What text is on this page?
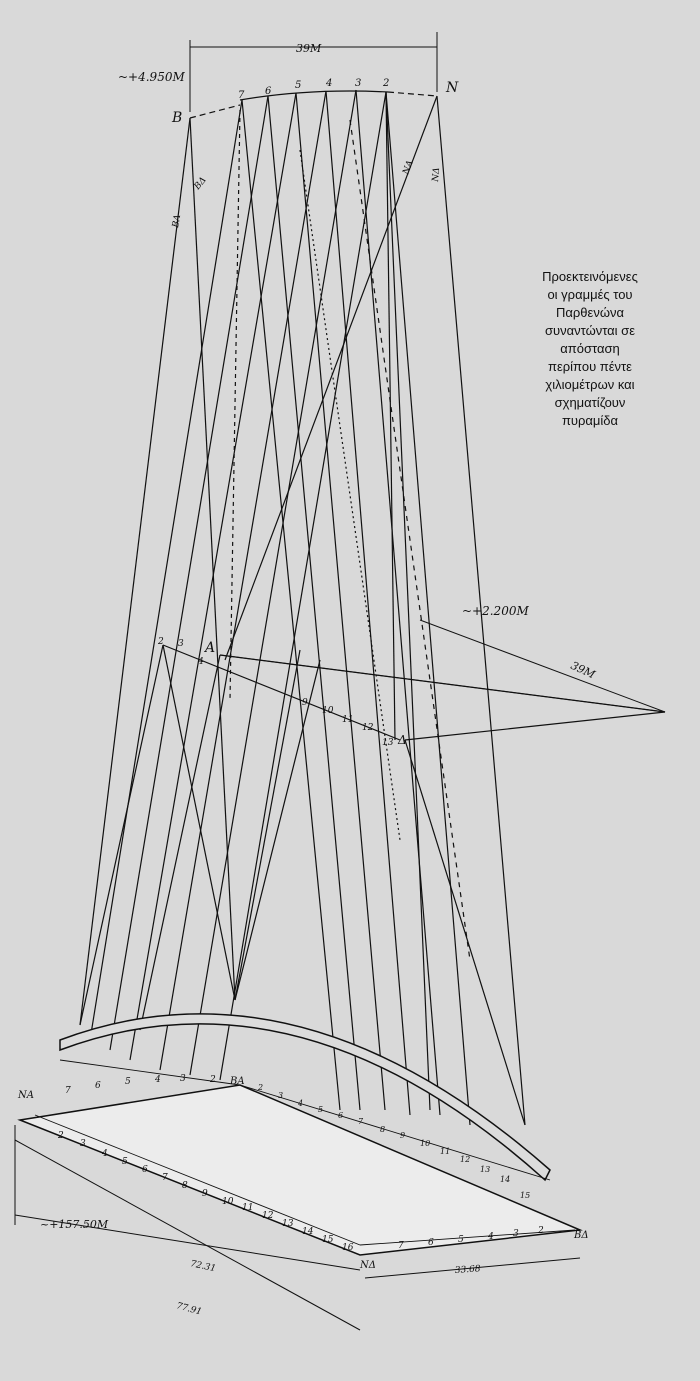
39M
~+4.950M
B
N
ΒΑ
ΒΔ
ΝΑ ΝΔ
7 6
5 4 3 2
~+2.200M
39M
A
Δ
2 3
4
9
10
11
12
13
ΝΑ
ΒΑ
ΒΔ
ΝΔ
7	6	5	4 3	2
2
3
4
5
6
7
8
9
10
11
12
13
14
15
2
3
4
5
6
7
8
9
10
11
12
13
14
15
16	7	6	5	4 3 2
~+157.50M
72.31
77.91
33.68
Προεκτεινόμενες
οι γραμμές του
Παρθενώνα
συναντώνται σε
απόσταση
περίπου πέντε
χιλιομέτρων και
σχηματίζουν
πυραμίδα
